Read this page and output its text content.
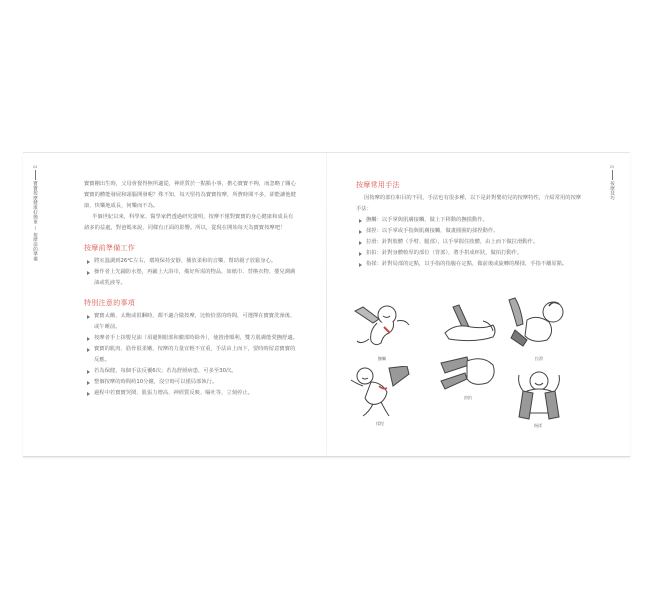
24
寶寶按摩健康好簡單 — 按摩前的準備	寶寶剛出生時，父母會覺得無所適從，神經質於一點點小事，擔心寶寶不夠，而忽略了關心寶寶的體能發展和頭腦開發呢？殊不知，每天堅持為寶寶按摩，所費時間不多，卻能讓他健康、快樂地成長，何樂而不為。

半個世紀以來，科學家、醫學家們透過研究證明，按摩不僅對寶寶的身心健康和成長有諸多的益處，對爸媽來說，同樣有正面的影響。所以，從現在開始每天為寶寶按摩吧！

按摩前準備工作
將室溫調到26℃左右，環境保持安靜，播放柔和的音樂，幫助親子放鬆身心。
操作者上先鋪防水墊，再鋪上大浴巾，備好所需的物品，如紙巾、替換衣物、嬰兒潤膚油或乳液等。
特別注意的事項
寶寶太餓、太飽或很睏時，都不適合做按摩，比較恰當的時間，可選擇在寶寶洗澡後、或午睡前。
按摩者手上抹嬰兒油（須避開眼部和臉部時除外），使推滑順利，雙方肌膚能愛撫舒適。
寶寶的肌肉、筋骨很柔嫩，按摩的力量宜輕不宜重，手法由上而下，要時時留意寶寶的反應。
若為保健，每個手法反覆6次；若為舒緩病患，可多至30次。
整個按摩的時間約10分鐘，沒空時可以僅局部執行。
過程中若寶寶哭鬧、肌張力增高、神經質反映、嘔吐等，立刻停止。
25
按摩技巧
按摩常用手法

因按摩的部位和目的不同，手法也有很多種，以下是針對嬰幼兒的按摩特性，介紹常用的按摩手法：

撫觸：以手掌與肌膚接觸，做上下移動的撫摸動作。
揉捏：以手掌或手指與肌膚接觸，做畫圓圈的揉捏動作。
拉滑：針對肢體（手臂、腿部），以手掌握住肢體，由上而下做拉滑動作。
扣拍：針對身體較厚的部位（背部），將手拱成杯狀，做拍打動作。
指揉：針對局部的定點，以手指的指腹在定點，做前後或旋轉的壓揉，手指不離原點。
撫觸	拉滑
揉捏
扣拍
指揉
